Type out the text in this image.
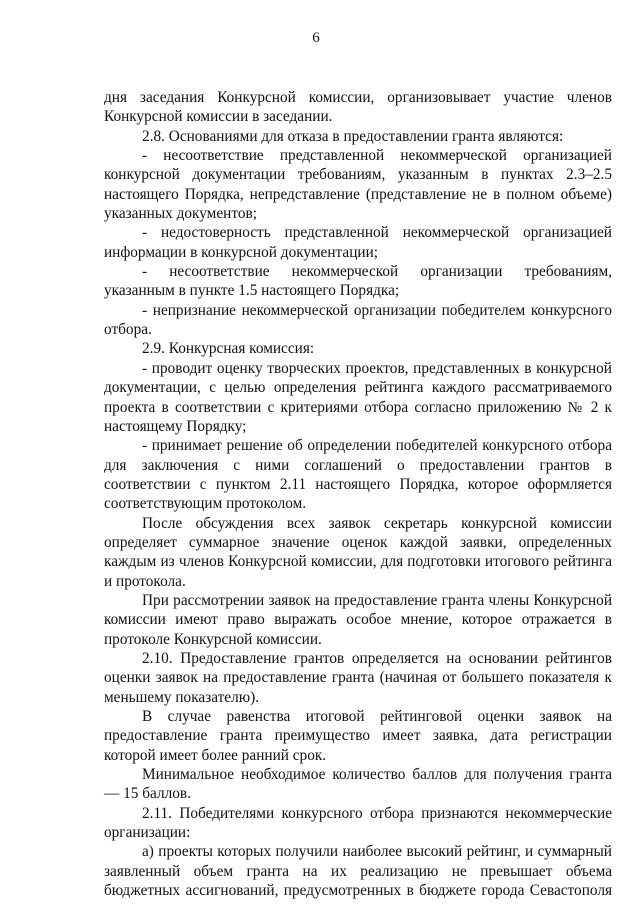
6

дня заседания Конкурсной комиссии, организовывает участие членов Конкурсной комиссии в заседании.

2.8. Основаниями для отказа в предоставлении гранта являются:

- несоответствие представленной некоммерческой организацией конкурсной документации требованиям, указанным в пунктах 2.3–2.5 настоящего Порядка, непредставление (представление не в полном объеме) указанных документов;

- недостоверность представленной некоммерческой организацией информации в конкурсной документации;

- несоответствие некоммерческой организации требованиям, указанным в пункте 1.5 настоящего Порядка;

- непризнание некоммерческой организации победителем конкурсного отбора.

2.9. Конкурсная комиссия:

- проводит оценку творческих проектов, представленных в конкурсной документации, с целью определения рейтинга каждого рассматриваемого проекта в соответствии с критериями отбора согласно приложению № 2 к настоящему Порядку;

- принимает решение об определении победителей конкурсного отбора для заключения с ними соглашений о предоставлении грантов в соответствии с пунктом 2.11 настоящего Порядка, которое оформляется соответствующим протоколом.

После обсуждения всех заявок секретарь конкурсной комиссии определяет суммарное значение оценок каждой заявки, определенных каждым из членов Конкурсной комиссии, для подготовки итогового рейтинга и протокола.

При рассмотрении заявок на предоставление гранта члены Конкурсной комиссии имеют право выражать особое мнение, которое отражается в протоколе Конкурсной комиссии.

2.10. Предоставление грантов определяется на основании рейтингов оценки заявок на предоставление гранта (начиная от большего показателя к меньшему показателю).

В случае равенства итоговой рейтинговой оценки заявок на предоставление гранта преимущество имеет заявка, дата регистрации которой имеет более ранний срок.

Минимальное необходимое количество баллов для получения гранта — 15 баллов.

2.11. Победителями конкурсного отбора признаются некоммерческие организации:

а) проекты которых получили наиболее высокий рейтинг, и суммарный заявленный объем гранта на их реализацию не превышает объема бюджетных ассигнований, предусмотренных в бюджете города Севастополя
